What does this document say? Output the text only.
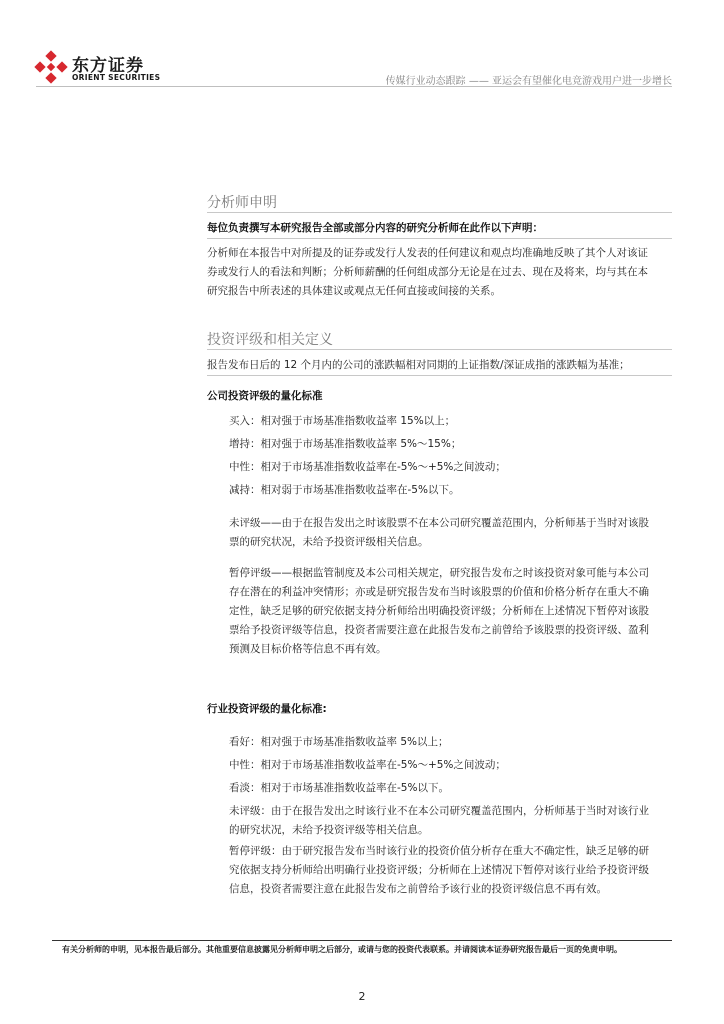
东方证券
ORIENT SECURITIES	传媒行业动态跟踪 —— 亚运会有望催化电竞游戏用户进一步增长
分析师申明
每位负责撰写本研究报告全部或部分内容的研究分析师在此作以下声明：
分析师在本报告中对所提及的证券或发行人发表的任何建议和观点均准确地反映了其个人对该证
券或发行人的看法和判断；分析师薪酬的任何组成部分无论是在过去、现在及将来，均与其在本
研究报告中所表述的具体建议或观点无任何直接或间接的关系。
投资评级和相关定义
报告发布日后的 12 个月内的公司的涨跌幅相对同期的上证指数/深证成指的涨跌幅为基准；
公司投资评级的量化标准
买入：相对强于市场基准指数收益率 15%以上；
增持：相对强于市场基准指数收益率 5%～15%；
中性：相对于市场基准指数收益率在-5%～+5%之间波动；
减持：相对弱于市场基准指数收益率在-5%以下。
未评级——由于在报告发出之时该股票不在本公司研究覆盖范围内，分析师基于当时对该股
票的研究状况，未给予投资评级相关信息。
暂停评级——根据监管制度及本公司相关规定，研究报告发布之时该投资对象可能与本公司
存在潜在的利益冲突情形；亦或是研究报告发布当时该股票的价值和价格分析存在重大不确
定性，缺乏足够的研究依据支持分析师给出明确投资评级；分析师在上述情况下暂停对该股
票给予投资评级等信息，投资者需要注意在此报告发布之前曾给予该股票的投资评级、盈利
预测及目标价格等信息不再有效。
行业投资评级的量化标准:
看好：相对强于市场基准指数收益率 5%以上；
中性：相对于市场基准指数收益率在-5%～+5%之间波动；
看淡：相对于市场基准指数收益率在-5%以下。
未评级：由于在报告发出之时该行业不在本公司研究覆盖范围内，分析师基于当时对该行业
的研究状况，未给予投资评级等相关信息。
暂停评级：由于研究报告发布当时该行业的投资价值分析存在重大不确定性，缺乏足够的研
究依据支持分析师给出明确行业投资评级；分析师在上述情况下暂停对该行业给予投资评级
信息，投资者需要注意在此报告发布之前曾给予该行业的投资评级信息不再有效。
有关分析师的申明，见本报告最后部分。其他重要信息披露见分析师申明之后部分，或请与您的投资代表联系。并请阅读本证券研究报告最后一页的免责申明。
2
